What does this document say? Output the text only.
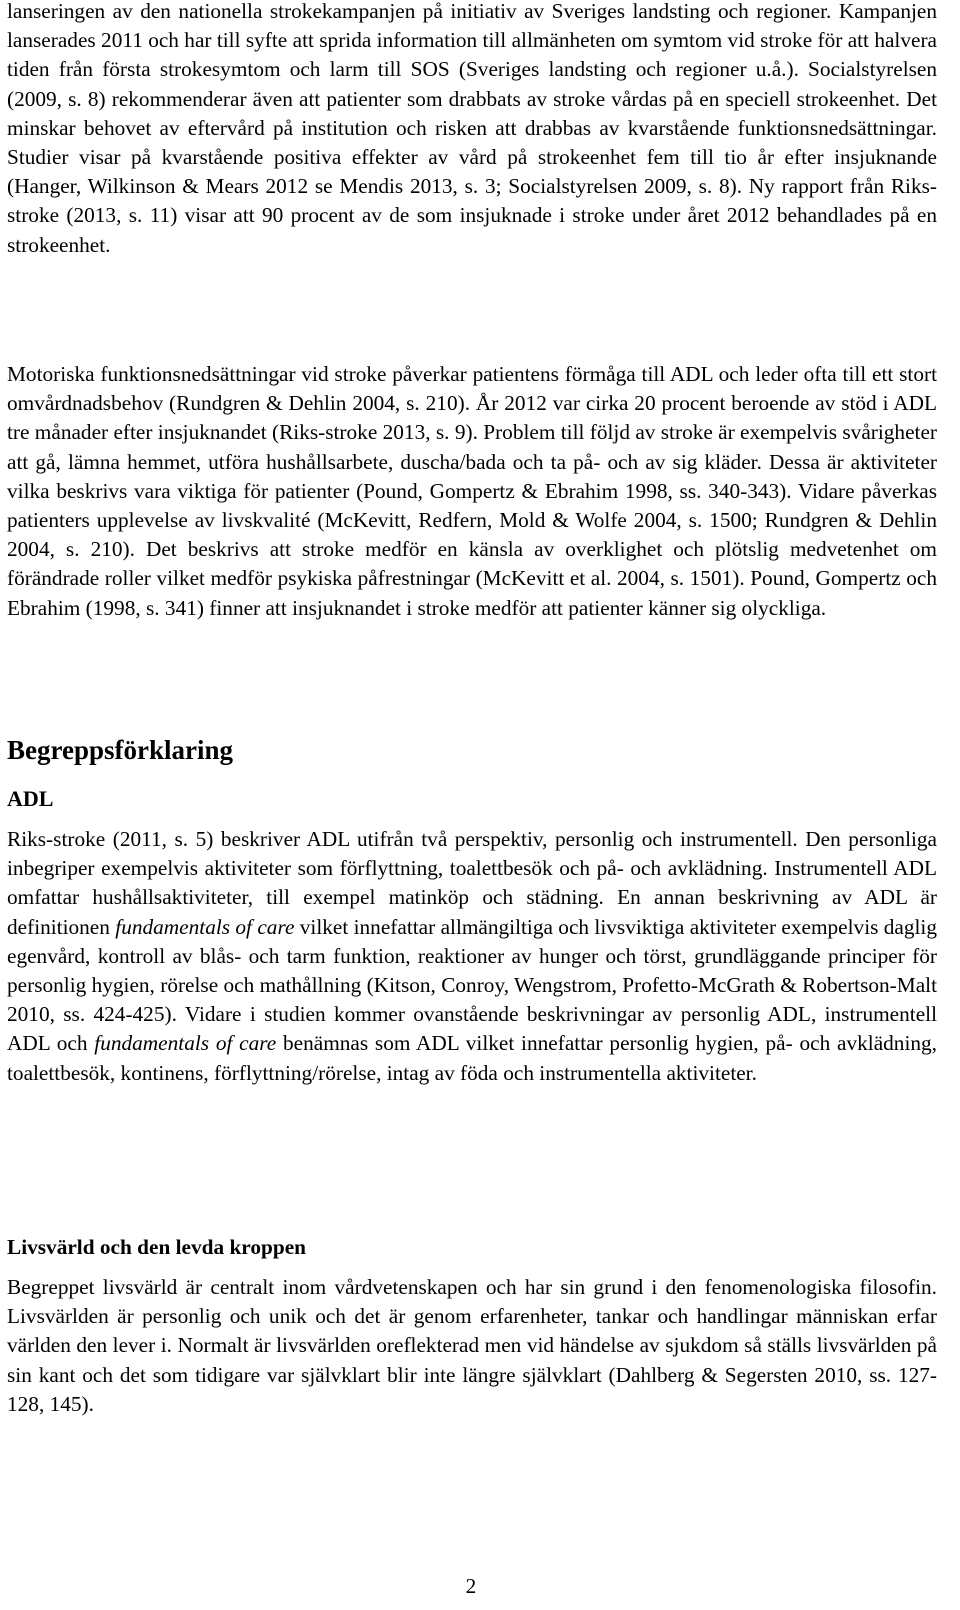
lanseringen av den nationella strokekampanjen på initiativ av Sveriges landsting och regioner. Kampanjen lanserades 2011 och har till syfte att sprida information till allmänheten om symtom vid stroke för att halvera tiden från första strokesymtom och larm till SOS (Sveriges landsting och regioner u.å.). Socialstyrelsen (2009, s. 8) rekommenderar även att patienter som drabbats av stroke vårdas på en speciell strokeenhet. Det minskar behovet av eftervård på institution och risken att drabbas av kvarstående funktionsnedsättningar. Studier visar på kvarstående positiva effekter av vård på strokeenhet fem till tio år efter insjuknande (Hanger, Wilkinson & Mears 2012 se Mendis 2013, s. 3; Socialstyrelsen 2009, s. 8). Ny rapport från Riks-stroke (2013, s. 11) visar att 90 procent av de som insjuknade i stroke under året 2012 behandlades på en strokeenhet.

Motoriska funktionsnedsättningar vid stroke påverkar patientens förmåga till ADL och leder ofta till ett stort omvårdnadsbehov (Rundgren & Dehlin 2004, s. 210). År 2012 var cirka 20 procent beroende av stöd i ADL tre månader efter insjuknandet (Riks-stroke 2013, s. 9). Problem till följd av stroke är exempelvis svårigheter att gå, lämna hemmet, utföra hushållsarbete, duscha/bada och ta på- och av sig kläder. Dessa är aktiviteter vilka beskrivs vara viktiga för patienter (Pound, Gompertz & Ebrahim 1998, ss. 340-343). Vidare påverkas patienters upplevelse av livskvalité (McKevitt, Redfern, Mold & Wolfe 2004, s. 1500; Rundgren & Dehlin 2004, s. 210). Det beskrivs att stroke medför en känsla av overklighet och plötslig medvetenhet om förändrade roller vilket medför psykiska påfrestningar (McKevitt et al. 2004, s. 1501). Pound, Gompertz och Ebrahim (1998, s. 341) finner att insjuknandet i stroke medför att patienter känner sig olyckliga.

Begreppsförklaring
ADL

Riks-stroke (2011, s. 5) beskriver ADL utifrån två perspektiv, personlig och instrumentell. Den personliga inbegriper exempelvis aktiviteter som förflyttning, toalettbesök och på- och avklädning. Instrumentell ADL omfattar hushållsaktiviteter, till exempel matinköp och städning. En annan beskrivning av ADL är definitionen fundamentals of care vilket innefattar allmängiltiga och livsviktiga aktiviteter exempelvis daglig egenvård, kontroll av blås- och tarm funktion, reaktioner av hunger och törst, grundläggande principer för personlig hygien, rörelse och mathållning (Kitson, Conroy, Wengstrom, Profetto-McGrath & Robertson-Malt 2010, ss. 424-425). Vidare i studien kommer ovanstående beskrivningar av personlig ADL, instrumentell ADL och fundamentals of care benämnas som ADL vilket innefattar personlig hygien, på- och avklädning, toalettbesök, kontinens, förflyttning/rörelse, intag av föda och instrumentella aktiviteter.

Livsvärld och den levda kroppen

Begreppet livsvärld är centralt inom vårdvetenskapen och har sin grund i den fenomenologiska filosofin. Livsvärlden är personlig och unik och det är genom erfarenheter, tankar och handlingar människan erfar världen den lever i. Normalt är livsvärlden oreflekterad men vid händelse av sjukdom så ställs livsvärlden på sin kant och det som tidigare var självklart blir inte längre självklart (Dahlberg & Segersten 2010, ss. 127-128, 145).

2
